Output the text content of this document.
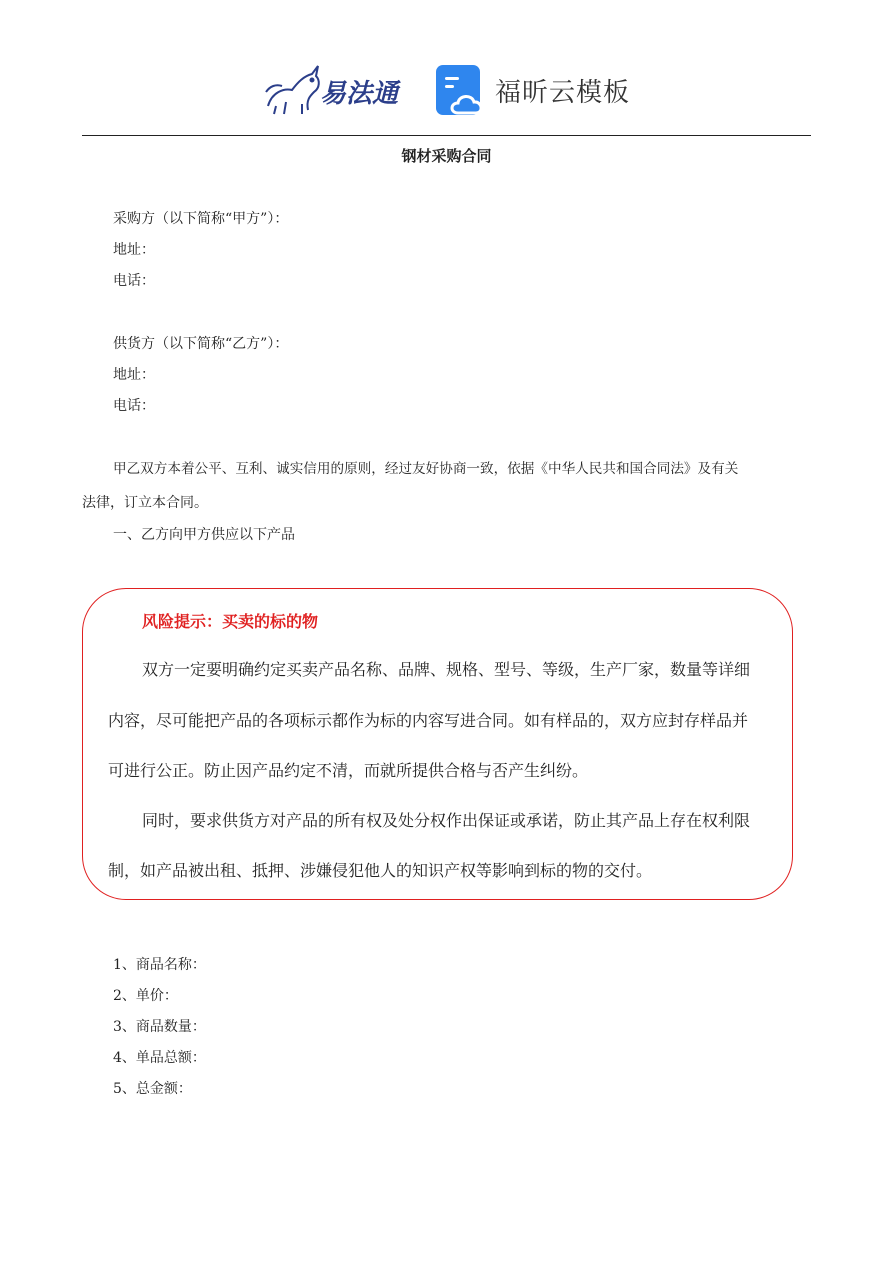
易法通	福昕云模板
钢材采购合同
采购方（以下简称“甲方”）：
地址：
电话：
供货方（以下简称“乙方”）：
地址：
电话：
甲乙双方本着公平、互利、诚实信用的原则，经过友好协商一致，依据《中华人民共和国合同法》及有关
法律，订立本合同。
一、乙方向甲方供应以下产品
风险提示：买卖的标的物
双方一定要明确约定买卖产品名称、品牌、规格、型号、等级，生产厂家，数量等详细
内容，尽可能把产品的各项标示都作为标的内容写进合同。如有样品的，双方应封存样品并
可进行公正。防止因产品约定不清，而就所提供合格与否产生纠纷。
同时，要求供货方对产品的所有权及处分权作出保证或承诺，防止其产品上存在权利限
制，如产品被出租、抵押、涉嫌侵犯他人的知识产权等影响到标的物的交付。
1、商品名称：
2、单价：
3、商品数量：
4、单品总额：
5、总金额：
